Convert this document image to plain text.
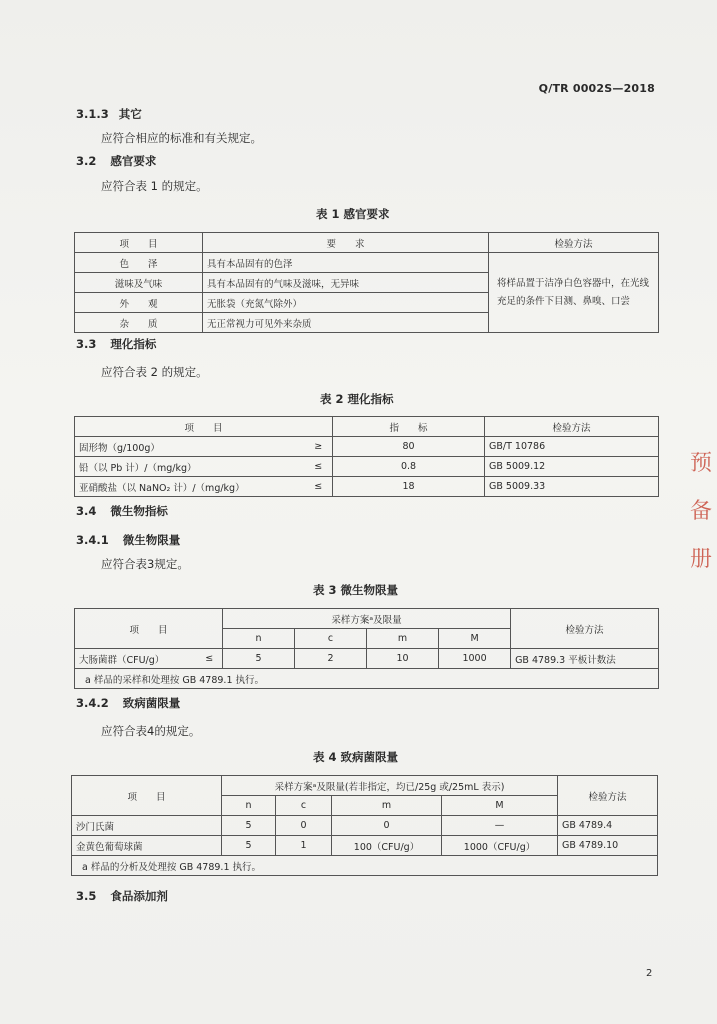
Q/TR 0002S—2018
3.1.3 其它
应符合相应的标准和有关规定。
3.2 感官要求
应符合表 1 的规定。
表 1 感官要求
项　　目	要　　求	检验方法
色　　泽	具有本品固有的色泽	将样品置于洁净白色容器中，在光线充足的条件下目测、鼻嗅、口尝
滋味及气味	具有本品固有的气味及滋味，无异味	
外　　观	无胀袋（充氮气除外）	
杂　　质	无正常视力可见外来杂质	
3.3 理化指标
应符合表 2 的规定。
表 2 理化指标
项　　目		指　　标	检验方法
固形物（g/100g）	≥	80	GB/T 10786
铅（以 Pb 计）/（mg/kg）	≤	0.8	GB 5009.12
亚硝酸盐（以 NaNO₂ 计）/（mg/kg）	≤	18	GB 5009.33
3.4 微生物指标
3.4.1 微生物限量
应符合表3规定。
表 3 微生物限量
项　　目		采样方案ᵃ及限量				检验方法
		n	c	m	M	
大肠菌群（CFU/g）	≤	5	2	10	1000	GB 4789.3 平板计数法
a 样品的采样和处理按 GB 4789.1 执行。						
3.4.2 致病菌限量
应符合表4的规定。
表 4 致病菌限量
项　　目	采样方案ᵃ及限量(若非指定，均已/25g 或/25mL 表示)				检验方法
	n	c	m	M	
沙门氏菌	5	0	0	—	GB 4789.4
金黄色葡萄球菌	5	1	100（CFU/g）	1000（CFU/g）	GB 4789.10
a 样品的分析及处理按 GB 4789.1 执行。					
3.5 食品添加剂
2
预备册
